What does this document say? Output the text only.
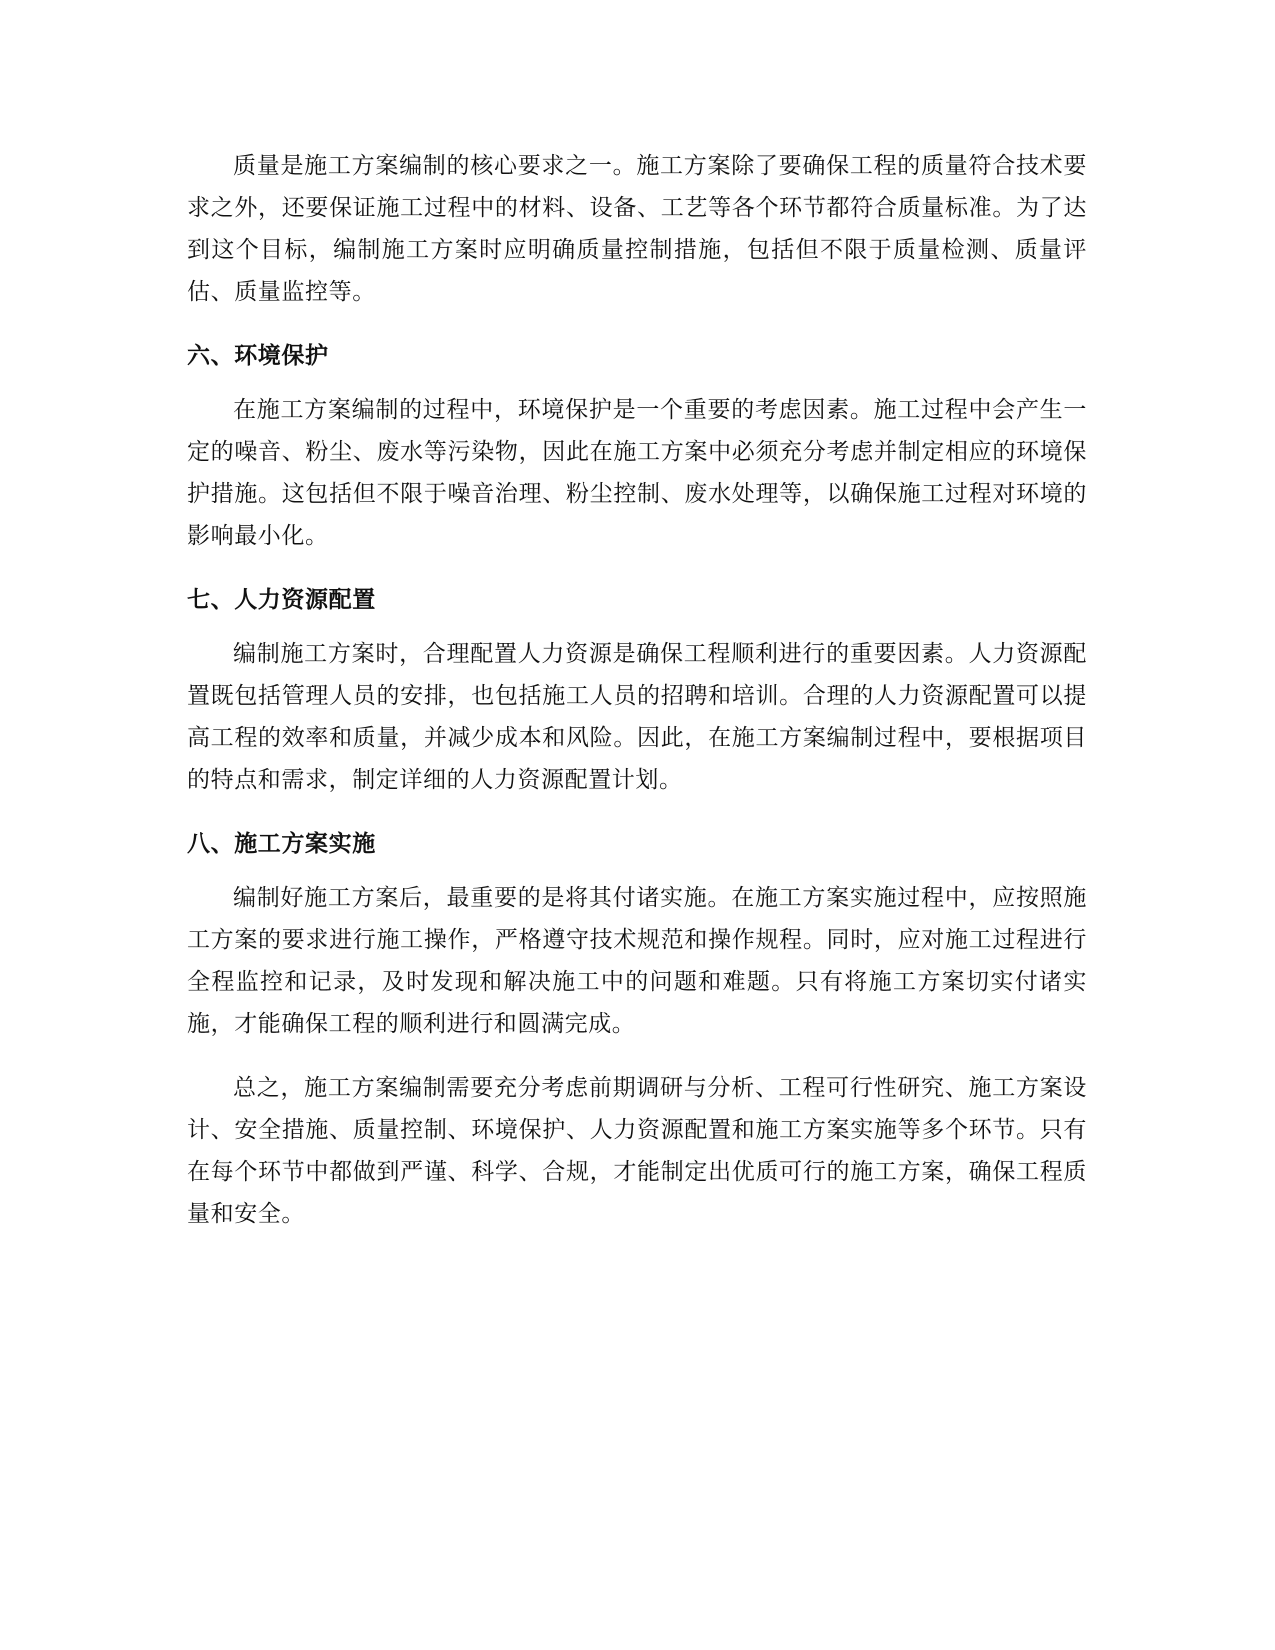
质量是施工方案编制的核心要求之一。施工方案除了要确保工程的质量符合技术要求之外，还要保证施工过程中的材料、设备、工艺等各个环节都符合质量标准。为了达到这个目标，编制施工方案时应明确质量控制措施，包括但不限于质量检测、质量评估、质量监控等。

六、环境保护

在施工方案编制的过程中，环境保护是一个重要的考虑因素。施工过程中会产生一定的噪音、粉尘、废水等污染物，因此在施工方案中必须充分考虑并制定相应的环境保护措施。这包括但不限于噪音治理、粉尘控制、废水处理等，以确保施工过程对环境的影响最小化。

七、人力资源配置

编制施工方案时，合理配置人力资源是确保工程顺利进行的重要因素。人力资源配置既包括管理人员的安排，也包括施工人员的招聘和培训。合理的人力资源配置可以提高工程的效率和质量，并减少成本和风险。因此，在施工方案编制过程中，要根据项目的特点和需求，制定详细的人力资源配置计划。

八、施工方案实施

编制好施工方案后，最重要的是将其付诸实施。在施工方案实施过程中，应按照施工方案的要求进行施工操作，严格遵守技术规范和操作规程。同时，应对施工过程进行全程监控和记录，及时发现和解决施工中的问题和难题。只有将施工方案切实付诸实施，才能确保工程的顺利进行和圆满完成。

总之，施工方案编制需要充分考虑前期调研与分析、工程可行性研究、施工方案设计、安全措施、质量控制、环境保护、人力资源配置和施工方案实施等多个环节。只有在每个环节中都做到严谨、科学、合规，才能制定出优质可行的施工方案，确保工程质量和安全。
